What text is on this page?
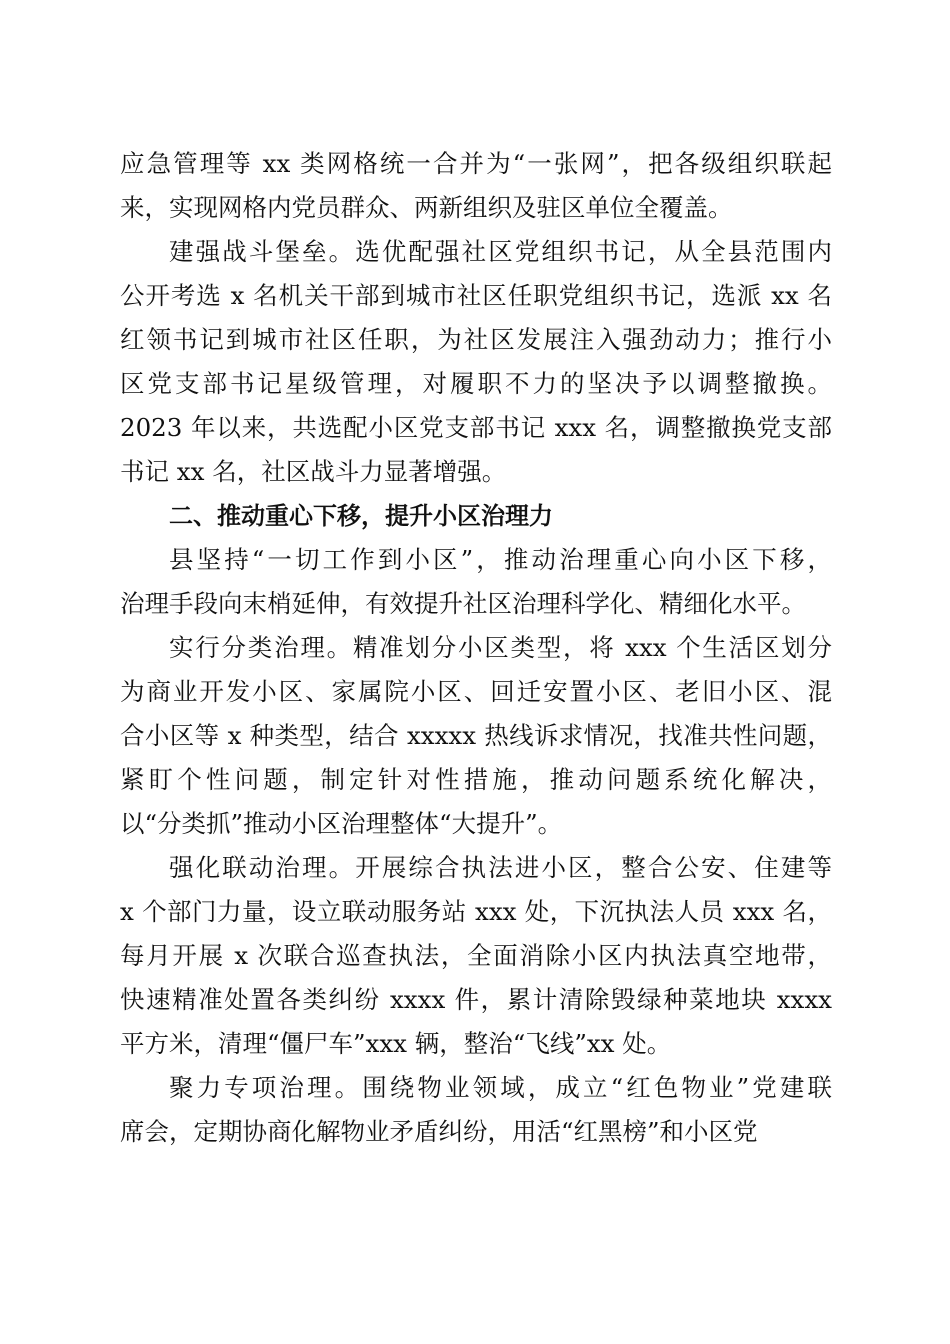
应急管理等 xx 类网格统一合并为“一张网”，把各级组织联起
来，实现网格内党员群众、两新组织及驻区单位全覆盖。
建强战斗堡垒。选优配强社区党组织书记，从全县范围内
公开考选 x 名机关干部到城市社区任职党组织书记，选派 xx 名
红领书记到城市社区任职，为社区发展注入强劲动力；推行小
区党支部书记星级管理，对履职不力的坚决予以调整撤换。
2023 年以来，共选配小区党支部书记 xxx 名，调整撤换党支部
书记 xx 名，社区战斗力显著增强。
二、推动重心下移，提升小区治理力
县坚持“一切工作到小区”，推动治理重心向小区下移，
治理手段向末梢延伸，有效提升社区治理科学化、精细化水平。
实行分类治理。精准划分小区类型，将 xxx 个生活区划分
为商业开发小区、家属院小区、回迁安置小区、老旧小区、混
合小区等 x 种类型，结合 xxxxx 热线诉求情况，找准共性问题，
紧盯个性问题，制定针对性措施，推动问题系统化解决，
以“分类抓”推动小区治理整体“大提升”。
强化联动治理。开展综合执法进小区，整合公安、住建等
x 个部门力量，设立联动服务站 xxx 处，下沉执法人员 xxx 名，
每月开展 x 次联合巡查执法，全面消除小区内执法真空地带，
快速精准处置各类纠纷 xxxx 件，累计清除毁绿种菜地块 xxxx
平方米，清理“僵尸车”xxx 辆，整治“飞线”xx 处。
聚力专项治理。围绕物业领域，成立“红色物业”党建联
席会，定期协商化解物业矛盾纠纷，用活“红黑榜”和小区党
